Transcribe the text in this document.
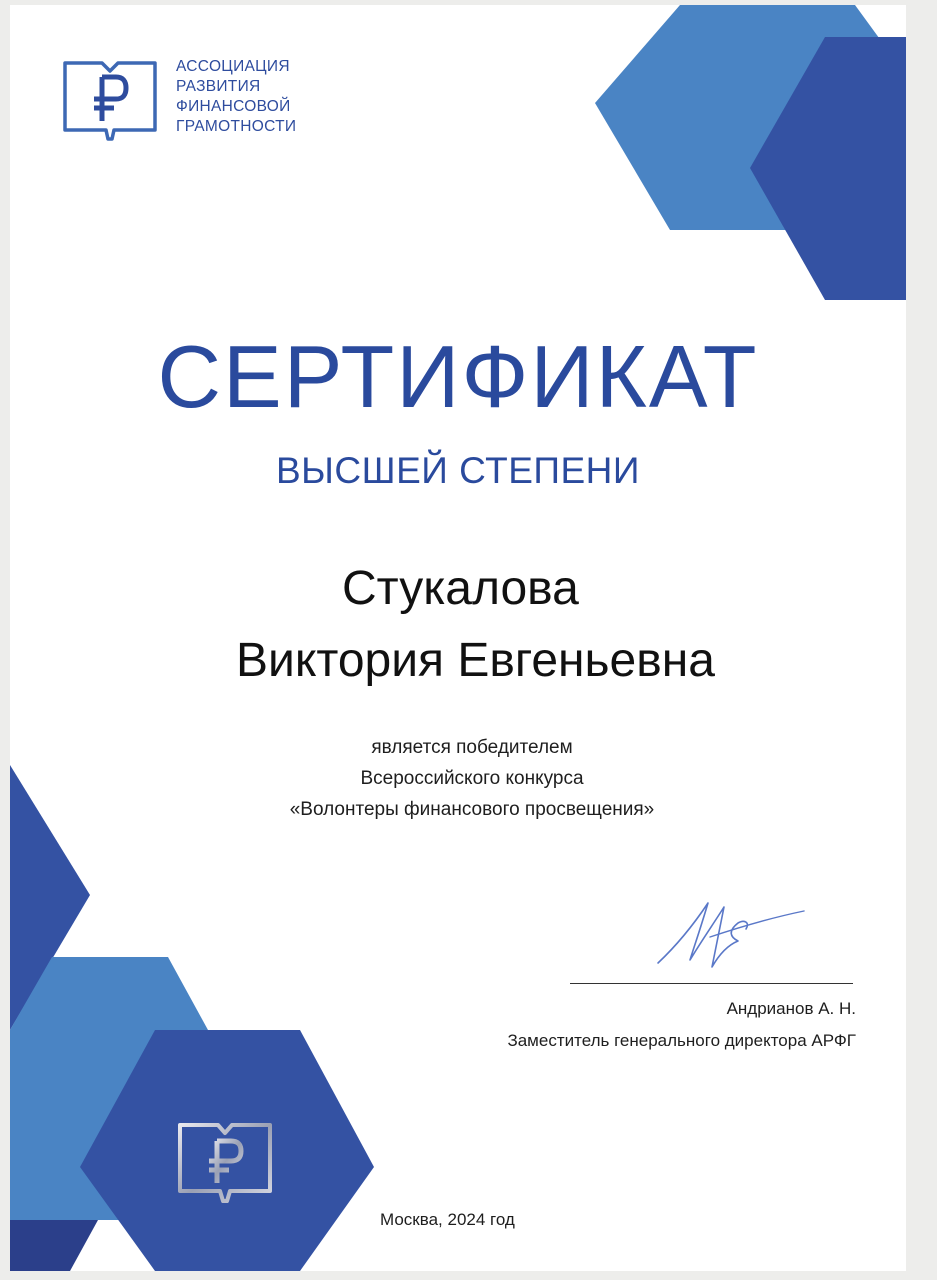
АССОЦИАЦИЯ
РАЗВИТИЯ
ФИНАНСОВОЙ
ГРАМОТНОСТИ
СЕРТИФИКАТ
ВЫСШЕЙ СТЕПЕНИ
Стукалова
Виктория Евгеньевна
является победителем
Всероссийского конкурса
«Волонтеры финансового просвещения»
Андрианов А. Н.
Заместитель генерального директора АРФГ
Москва, 2024 год
